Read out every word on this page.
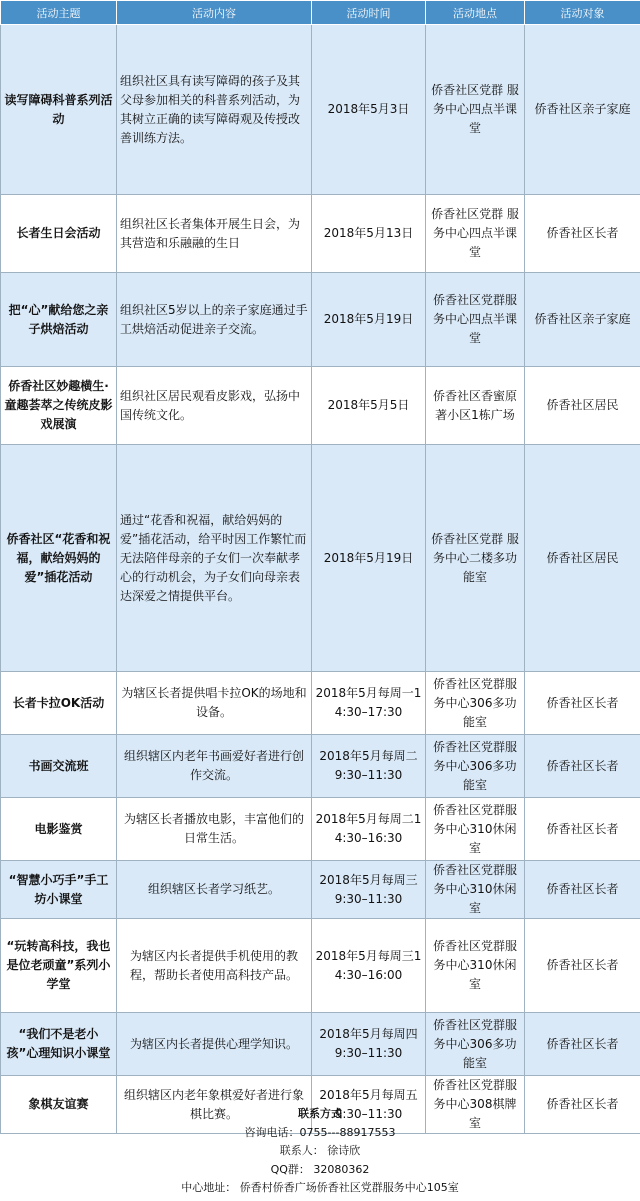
活动主题	活动内容	活动时间	活动地点	活动对象
读写障碍科普系列活动	组织社区具有读写障碍的孩子及其父母参加相关的科普系列活动，为其树立正确的读写障碍观及传授改善训练方法。	2018年5月3日	侨香社区党群 服务中心四点半课堂	侨香社区亲子家庭
长者生日会活动	组织社区长者集体开展生日会，为其营造和乐融融的生日	2018年5月13日	侨香社区党群 服务中心四点半课堂	侨香社区长者
把“心”献给您之亲子烘焙活动	组织社区5岁以上的亲子家庭通过手工烘焙活动促进亲子交流。	2018年5月19日	侨香社区党群服务中心四点半课堂	侨香社区亲子家庭
侨香社区妙趣横生·童趣荟萃之传统皮影戏展演	组织社区居民观看皮影戏，弘扬中国传统文化。	2018年5月5日	侨香社区香蜜原著小区1栋广场	侨香社区居民
侨香社区“花香和祝福，献给妈妈的爱”插花活动	通过“花香和祝福，献给妈妈的爱”插花活动，给平时因工作繁忙而无法陪伴母亲的子女们一次奉献孝心的行动机会，为子女们向母亲表达深爱之情提供平台。	2018年5月19日	侨香社区党群 服务中心二楼多功能室	侨香社区居民
长者卡拉OK活动	为辖区长者提供唱卡拉OK的场地和设备。	2018年5月每周一14:30–17:30	侨香社区党群服务中心306多功能室	侨香社区长者
书画交流班	组织辖区内老年书画爱好者进行创作交流。	2018年5月每周二9:30–11:30	侨香社区党群服务中心306多功能室	侨香社区长者
电影鉴赏	为辖区长者播放电影，丰富他们的日常生活。	2018年5月每周二14:30–16:30	侨香社区党群服务中心310休闲室	侨香社区长者
“智慧小巧手”手工坊小课堂	组织辖区长者学习纸艺。	2018年5月每周三9:30–11:30	侨香社区党群服务中心310休闲室	侨香社区长者
“玩转高科技，我也是位老顽童”系列小学堂	为辖区内长者提供手机使用的教程，帮助长者使用高科技产品。	2018年5月每周三14:30–16:00	侨香社区党群服务中心310休闲室	侨香社区长者
“我们不是老小孩”心理知识小课堂	为辖区内长者提供心理学知识。	2018年5月每周四9:30–11:30	侨香社区党群服务中心306多功能室	侨香社区长者
象棋友谊赛	组织辖区内老年象棋爱好者进行象棋比赛。	2018年5月每周五9:30–11:30	侨香社区党群服务中心308棋牌室	侨香社区长者
联系方式
咨询电话：0755---88917553
联系人： 徐诗欣
QQ群： 32080362
中心地址： 侨香村侨香广场侨香社区党群服务中心105室
